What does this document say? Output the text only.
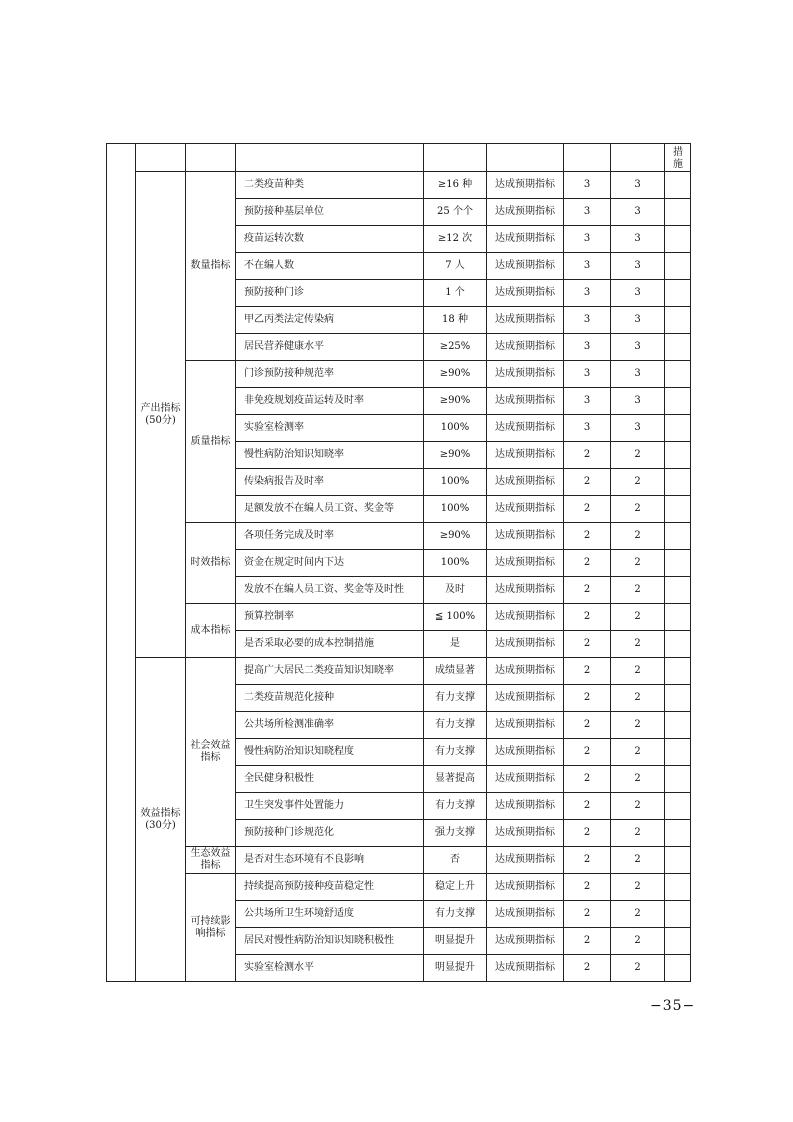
								措施
	产出指标(50分)	数量指标	二类疫苗种类	≥16 种	达成预期指标	3	3	
			预防接种基层单位	25 个个	达成预期指标	3	3	
			疫苗运转次数	≥12 次	达成预期指标	3	3	
			不在编人数	7 人	达成预期指标	3	3	
			预防接种门诊	1 个	达成预期指标	3	3	
			甲乙丙类法定传染病	18 种	达成预期指标	3	3	
			居民营养健康水平	≥25%	达成预期指标	3	3	
		质量指标	门诊预防接种规范率	≥90%	达成预期指标	3	3	
			非免疫规划疫苗运转及时率	≥90%	达成预期指标	3	3	
			实验室检测率	100%	达成预期指标	3	3	
			慢性病防治知识知晓率	≥90%	达成预期指标	2	2	
			传染病报告及时率	100%	达成预期指标	2	2	
			足额发放不在编人员工资、奖金等	100%	达成预期指标	2	2	
		时效指标	各项任务完成及时率	≥90%	达成预期指标	2	2	
			资金在规定时间内下达	100%	达成预期指标	2	2	
			发放不在编人员工资、奖金等及时性	及时	达成预期指标	2	2	
		成本指标	预算控制率	≦ 100%	达成预期指标	2	2	
			是否采取必要的成本控制措施	是	达成预期指标	2	2	
	效益指标(30分)	社会效益指标	提高广大居民二类疫苗知识知晓率	成绩显著	达成预期指标	2	2	
			二类疫苗规范化接种	有力支撑	达成预期指标	2	2	
			公共场所检测准确率	有力支撑	达成预期指标	2	2	
			慢性病防治知识知晓程度	有力支撑	达成预期指标	2	2	
			全民健身积极性	显著提高	达成预期指标	2	2	
			卫生突发事件处置能力	有力支撑	达成预期指标	2	2	
			预防接种门诊规范化	强力支撑	达成预期指标	2	2	
		生态效益指标	是否对生态环境有不良影响	否	达成预期指标	2	2	
		可持续影响指标	持续提高预防接种疫苗稳定性	稳定上升	达成预期指标	2	2	
			公共场所卫生环境舒适度	有力支撑	达成预期指标	2	2	
			居民对慢性病防治知识知晓积极性	明显提升	达成预期指标	2	2	
			实验室检测水平	明显提升	达成预期指标	2	2	
−35−
